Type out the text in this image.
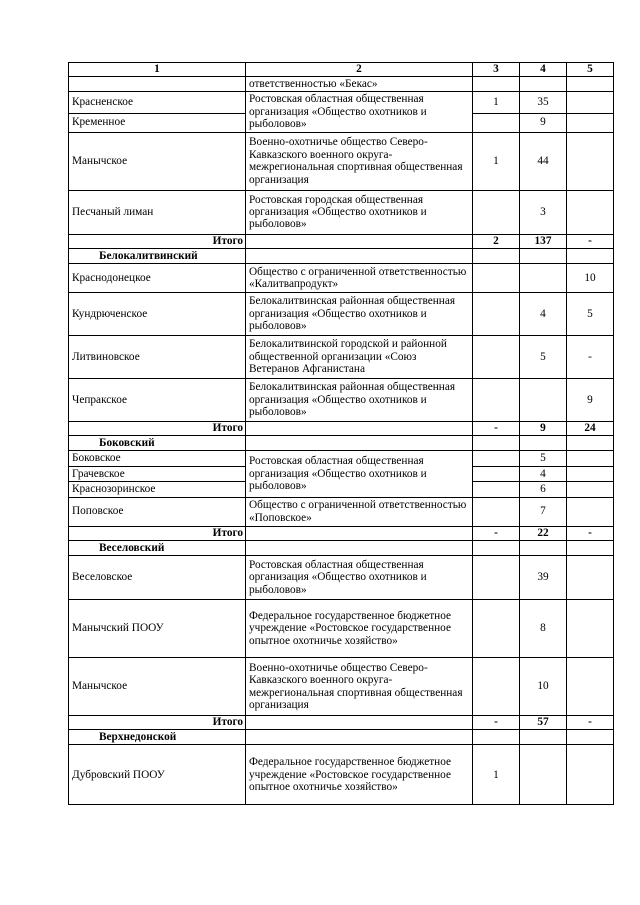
1	2	3	4	5
	ответственностью «Бекас»			
Красненское	Ростовская областная общественная организация «Общество охотников и рыболовов»	1	35	
Кременное			9	
Манычское	Военно-охотничье общество Северо-Кавказского военного округа-межрегиональная спортивная общественная организация	1	44	
Песчаный лиман	Ростовская городская общественная организация «Общество охотников и рыболовов»		3	
Итого		2	137	-
Белокалитвинский				
Краснодонецкое	Общество с ограниченной ответственностью «Калитвапродукт»			10
Кундрюченское	Белокалитвинская районная общественная организация «Общество охотников и рыболовов»		4	5
Литвиновское	Белокалитвинской городской и районной общественной организации «Союз Ветеранов Афганистана		5	-
Чепракское	Белокалитвинская районная общественная организация «Общество охотников и рыболовов»			9
Итого		-	9	24
Боковский				
Боковское	Ростовская областная общественная организация «Общество охотников и рыболовов»		5	
Грачевское			4	
Краснозоринское			6	
Поповское	Общество с ограниченной ответственностью «Поповское»		7	
Итого		-	22	-
Веселовский				
Веселовское	Ростовская областная общественная организация «Общество охотников и рыболовов»		39	
Манычский ПООУ	Федеральное государственное бюджетное учреждение «Ростовское государственное опытное охотничье хозяйство»		8	
Манычское	Военно-охотничье общество Северо-Кавказского военного округа-межрегиональная спортивная общественная организация		10	
Итого		-	57	-
Верхнедонской				
Дубровский ПООУ	Федеральное государственное бюджетное учреждение «Ростовское государственное опытное охотничье хозяйство»	1		
